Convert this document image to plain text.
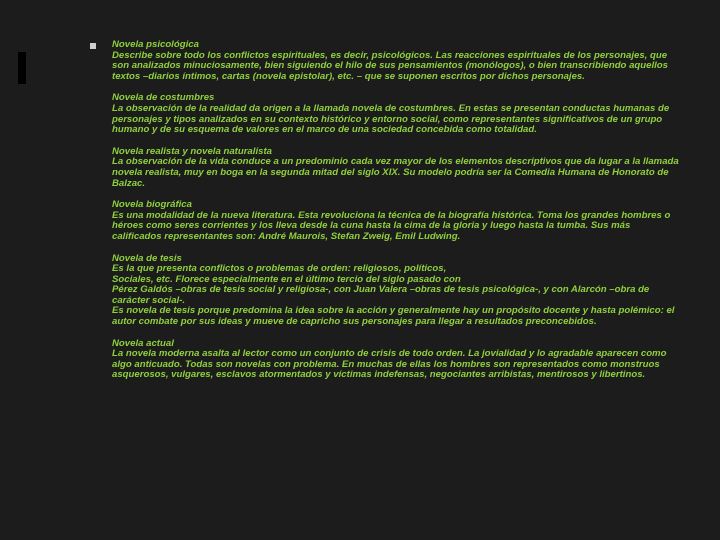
Novela psicológica

Describe sobre todo los conflictos espirituales, es decir, psicológicos. Las reacciones espirituales de los personajes, que son analizados minuciosamente, bien siguiendo el hilo de sus pensamientos (monólogos), o bien transcribiendo aquellos textos –diarios íntimos, cartas (novela epistolar), etc. – que se suponen escritos por dichos personajes.

Novela de costumbres

La observación de la realidad da origen a la llamada novela de costumbres. En estas se presentan conductas humanas de personajes y tipos analizados en su contexto histórico y entorno social, como representantes significativos de un grupo humano y de su esquema de valores en el marco de una sociedad concebida como totalidad.

Novela realista y novela naturalista

La observación de la vida conduce a un predominio cada vez mayor de los elementos descriptivos que da lugar a la llamada novela realista, muy en boga en la segunda mitad del siglo XIX. Su modelo podría ser la Comedia Humana de Honorato de Balzac.

Novela biográfica

Es una modalidad de la nueva literatura. Esta revoluciona la técnica de la biografía histórica. Toma los grandes hombres o héroes como seres corrientes y los lleva desde la cuna hasta la cima de la gloria y luego hasta la tumba. Sus más calificados representantes son: André Maurois, Stefan Zweig, Emil Ludwing.

Novela de tesis

Es la que presenta conflictos o problemas de orden: religiosos, políticos,

Sociales, etc. Florece especialmente en el último tercio del siglo pasado con

Pérez Galdós –obras de tesis social y religiosa-, con Juan Valera –obras de tesis psicológica-, y con Alarcón –obra de carácter social-.

Es novela de tesis porque predomina la idea sobre la acción y generalmente hay un propósito docente y hasta polémico: el autor combate por sus ideas y mueve de capricho sus personajes para llegar a resultados preconcebidos.

Novela actual

La novela moderna asalta al lector como un conjunto de crisis de todo orden. La jovialidad y lo agradable aparecen como algo anticuado. Todas son novelas con problema. En muchas de ellas los hombres son representados como monstruos asquerosos, vulgares, esclavos atormentados y víctimas indefensas, negociantes arribistas, mentirosos y libertinos.
